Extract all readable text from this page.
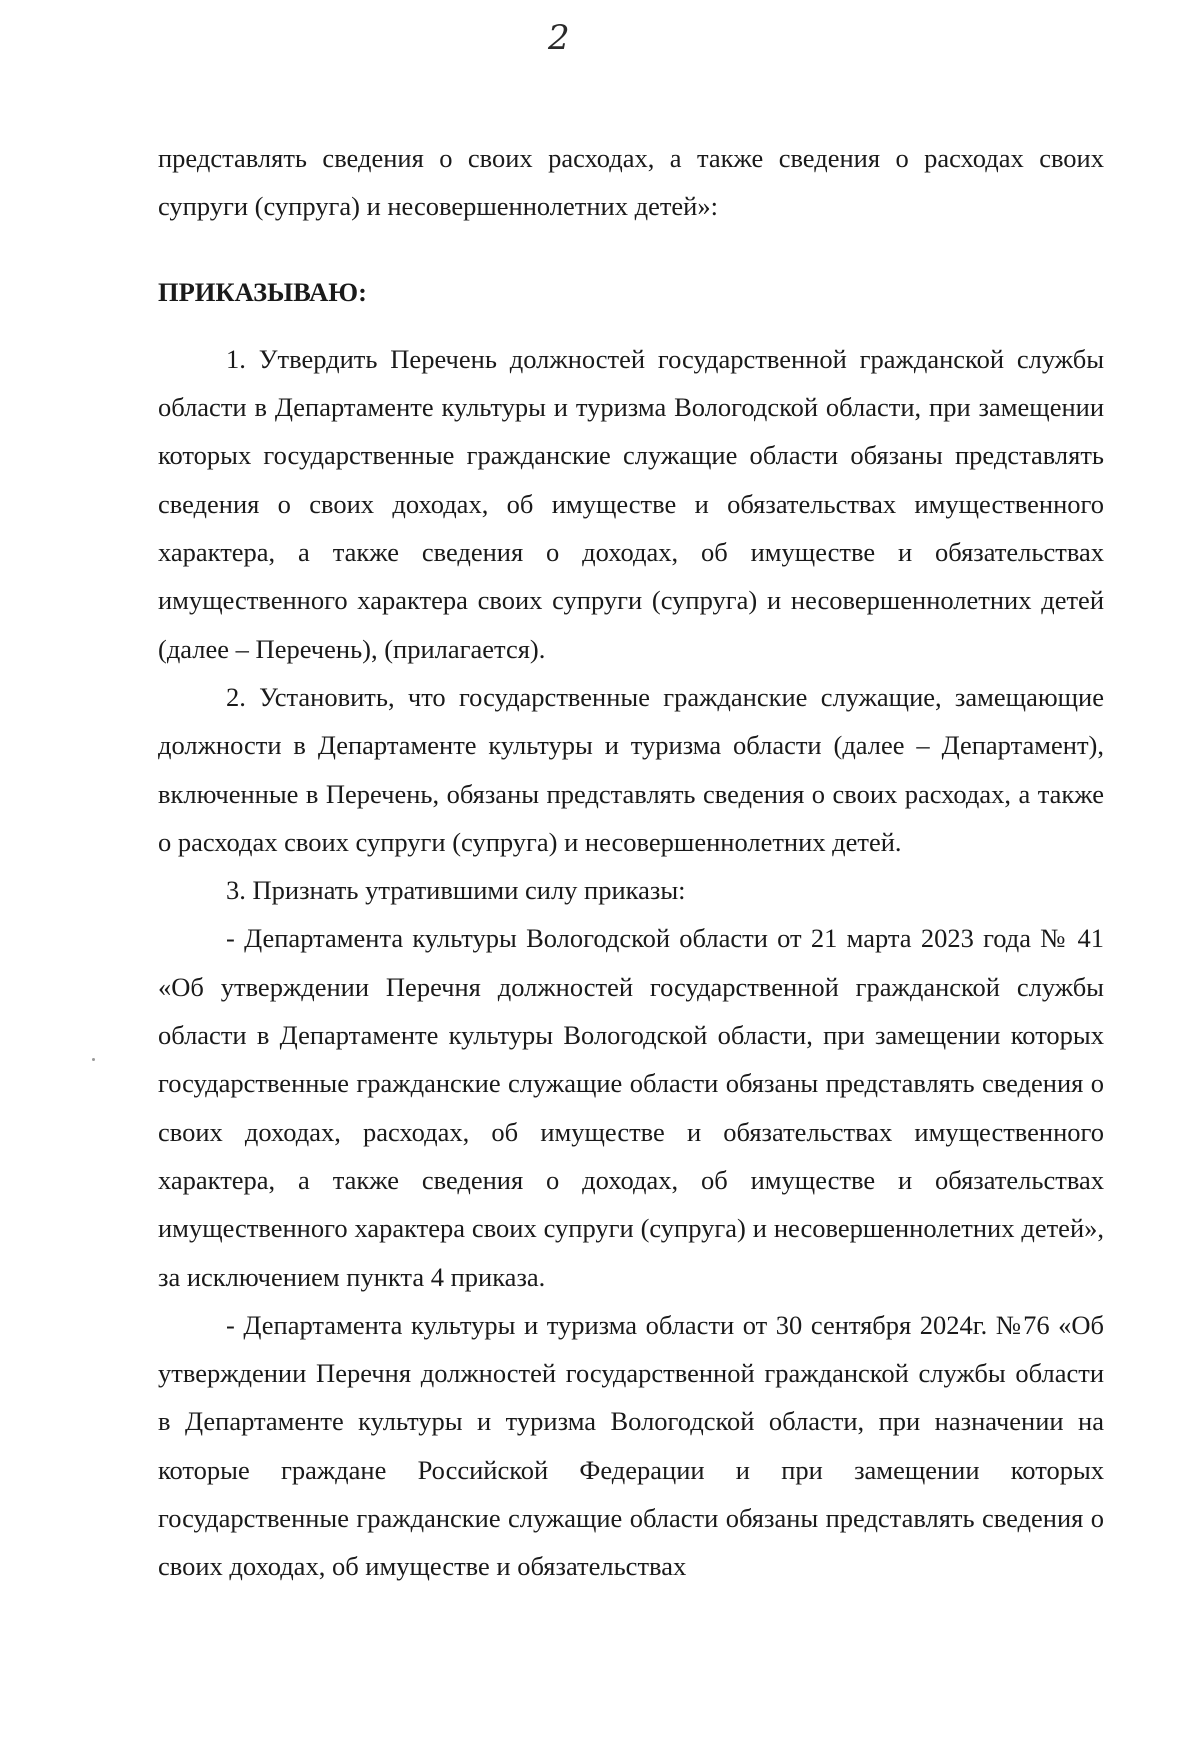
2

представлять сведения о своих расходах, а также сведения о расходах своих супруги (супруга) и несовершеннолетних детей»:

ПРИКАЗЫВАЮ:

1. Утвердить Перечень должностей государственной гражданской службы области в Департаменте культуры и туризма Вологодской области, при замещении которых государственные гражданские служащие области обязаны представлять сведения о своих доходах, об имуществе и обязательствах имущественного характера, а также сведения о доходах, об имуществе и обязательствах имущественного характера своих супруги (супруга) и несовершеннолетних детей (далее – Перечень), (прилагается).

2. Установить, что государственные гражданские служащие, замещающие должности в Департаменте культуры и туризма области (далее – Департамент), включенные в Перечень, обязаны представлять сведения о своих расходах, а также о расходах своих супруги (супруга) и несовершеннолетних детей.

3. Признать утратившими силу приказы:

- Департамента культуры Вологодской области от 21 марта 2023 года № 41 «Об утверждении Перечня должностей государственной гражданской службы области в Департаменте культуры Вологодской области, при замещении которых государственные гражданские служащие области обязаны представлять сведения о своих доходах, расходах, об имуществе и обязательствах имущественного характера, а также сведения о доходах, об имуществе и обязательствах имущественного характера своих супруги (супруга) и несовершеннолетних детей», за исключением пункта 4 приказа.

- Департамента культуры и туризма области от 30 сентября 2024г. №76 «Об утверждении Перечня должностей государственной гражданской службы области в Департаменте культуры и туризма Вологодской области, при назначении на которые граждане Российской Федерации и при замещении которых государственные гражданские служащие области обязаны представлять сведения о своих доходах, об имуществе и обязательствах
